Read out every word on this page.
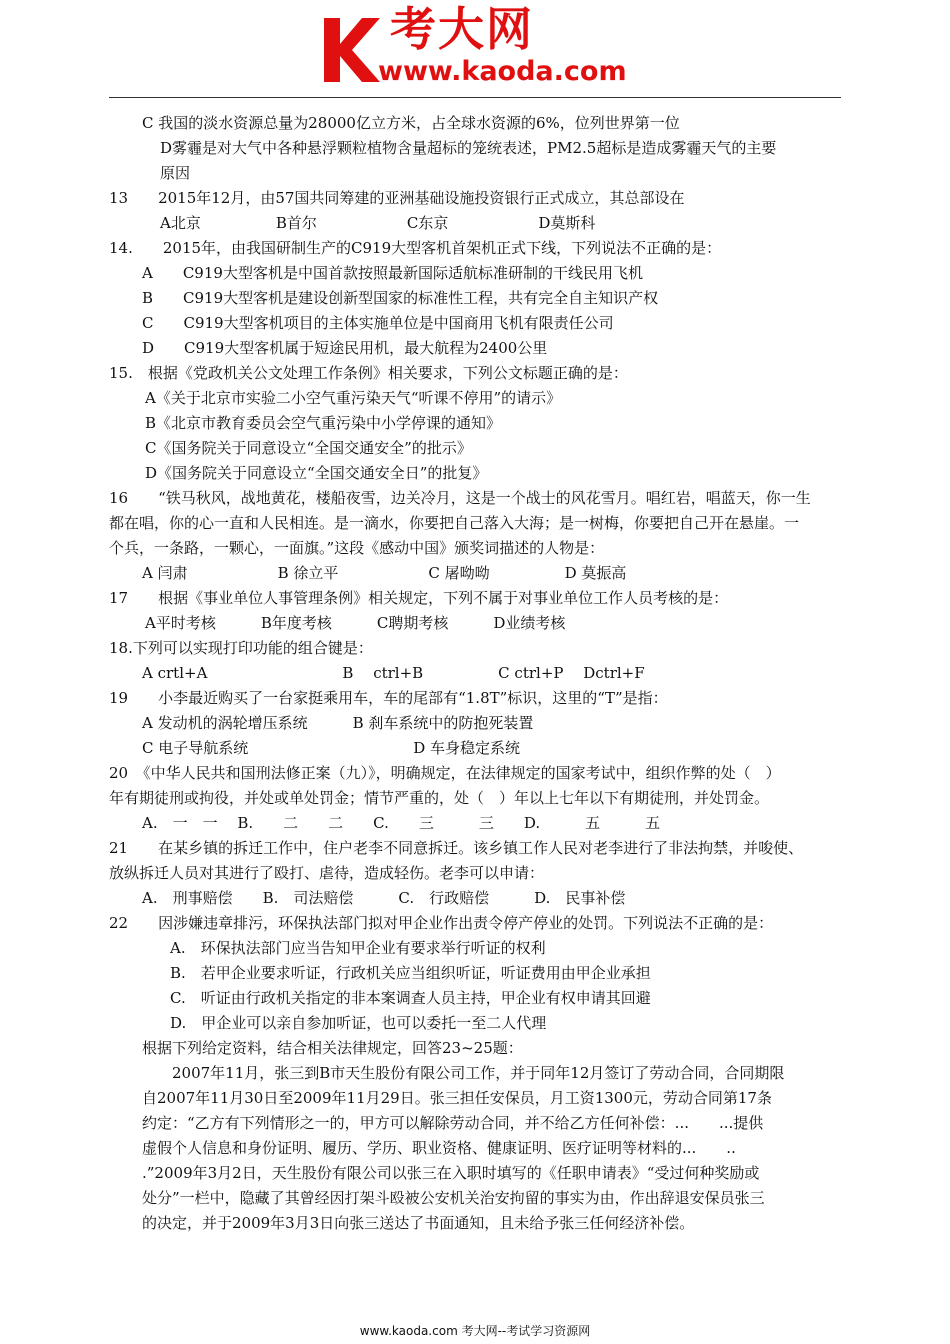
考大网
www.kaoda.com
C 我国的淡水资源总量为28000亿立方米，占全球水资源的6%，位列世界第一位
D雾霾是对大气中各种悬浮颗粒植物含量超标的笼统表述，PM2.5超标是造成雾霾天气的主要
原因
13　　2015年12月，由57国共同筹建的亚洲基础设施投资银行正式成立，其总部设在
A北京　　　　　B首尔　　　　　　C东京　　　　　　D莫斯科
14.　　2015年，由我国研制生产的C919大型客机首架机正式下线，下列说法不正确的是：
A　　C919大型客机是中国首款按照最新国际适航标准研制的干线民用飞机
B　　C919大型客机是建设创新型国家的标准性工程，共有完全自主知识产权
C　　C919大型客机项目的主体实施单位是中国商用飞机有限责任公司
D　　C919大型客机属于短途民用机，最大航程为2400公里
15.　根据《党政机关公文处理工作条例》相关要求，下列公文标题正确的是：
A《关于北京市实验二小空气重污染天气“听课不停用”的请示》
B《北京市教育委员会空气重污染中小学停课的通知》
C《国务院关于同意设立“全国交通安全”的批示》
D《国务院关于同意设立“全国交通安全日”的批复》
16　　“铁马秋风，战地黄花，楼船夜雪，边关冷月，这是一个战士的风花雪月。唱红岩，唱蓝天，你一生
都在唱，你的心一直和人民相连。是一滴水，你要把自己落入大海；是一树梅，你要把自己开在悬崖。一
个兵，一条路，一颗心，一面旗。”这段《感动中国》颁奖词描述的人物是：
A 闫肃　　　　　　B 徐立平　　　　　　C 屠呦呦　　　　　D 莫振高
17　　根据《事业单位人事管理条例》相关规定，下列不属于对事业单位工作人员考核的是：
A平时考核　　　B年度考核　　　C聘期考核　　　D业绩考核
18.下列可以实现打印功能的组合键是：
A crtl+A　　　　　　　　　B　 ctrl+B　　　　　C ctrl+P　 Dctrl+F
19　　小李最近购买了一台家挺乘用车，车的尾部有“1.8T”标识，这里的“T”是指：
A 发动机的涡轮增压系统　　　B 刹车系统中的防抱死装置
C 电子导航系统　　　　　　　　　　　D 车身稳定系统
20　《中华人民共和国刑法修正案（九）》，明确规定，在法律规定的国家考试中，组织作弊的处（　）
年有期徒刑或拘役，并处或单处罚金；情节严重的，处（　）年以上七年以下有期徒刑，并处罚金。
A.　一　一　 B.　　二　　二　　C.　　三　　　三　　D.　　　五　　　五
21　　在某乡镇的拆迁工作中，住户老李不同意拆迁。该乡镇工作人民对老李进行了非法拘禁，并唆使、
放纵拆迁人员对其进行了殴打、虐待，造成轻伤。老李可以申请：
A.　刑事赔偿　　B.　司法赔偿　　　C.　行政赔偿　　　D.　民事补偿
22　　因涉嫌违章排污，环保执法部门拟对甲企业作出责令停产停业的处罚。下列说法不正确的是：
A.　环保执法部门应当告知甲企业有要求举行听证的权利
B.　若甲企业要求听证，行政机关应当组织听证，听证费用由甲企业承担
C.　听证由行政机关指定的非本案调查人员主持，甲企业有权申请其回避
D.　甲企业可以亲自参加听证，也可以委托一至二人代理
根据下列给定资料，结合相关法律规定，回答23~25题：
2007年11月，张三到B市天生股份有限公司工作，并于同年12月签订了劳动合同，合同期限
自2007年11月30日至2009年11月29日。张三担任安保员，月工资1300元，劳动合同第17条
约定：“乙方有下列情形之一的，甲方可以解除劳动合同，并不给乙方任何补偿：...　　...提供
虚假个人信息和身份证明、履历、学历、职业资格、健康证明、医疗证明等材料的...　　..
.”2009年3月2日，天生股份有限公司以张三在入职时填写的《任职申请表》“受过何种奖励或
处分”一栏中，隐藏了其曾经因打架斗殴被公安机关治安拘留的事实为由，作出辞退安保员张三
的决定，并于2009年3月3日向张三送达了书面通知，且未给予张三任何经济补偿。
www.kaoda.com 考大网--考试学习资源网
